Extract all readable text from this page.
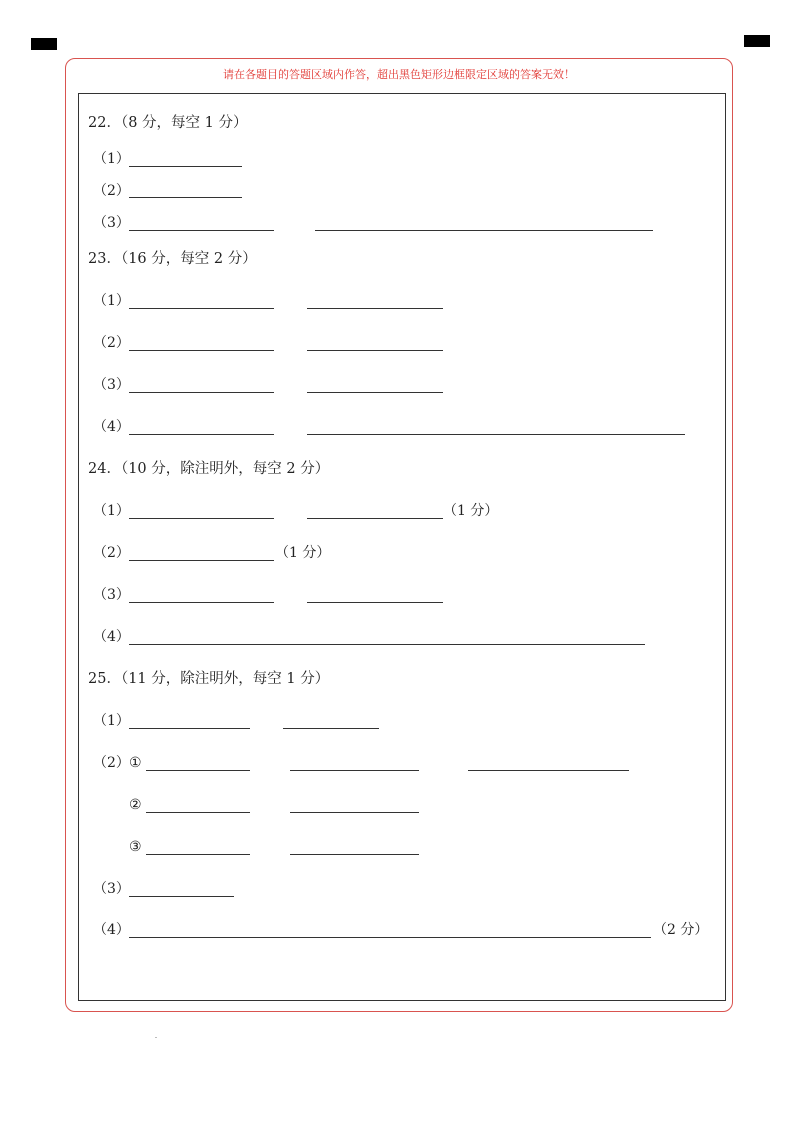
请在各题目的答题区域内作答，超出黑色矩形边框限定区域的答案无效！
22．（8 分，每空 1 分）
（1）
（2）
（3）
23．（16 分，每空 2 分）
（1）
（2）
（3）
（4）
24．（10 分，除注明外，每空 2 分）
（1）	（1 分）
（2）	（1 分）
（3）
（4）
25．（11 分，除注明外，每空 1 分）
（1）
（2） ①
②
③
（3）
（4）	（2 分）
